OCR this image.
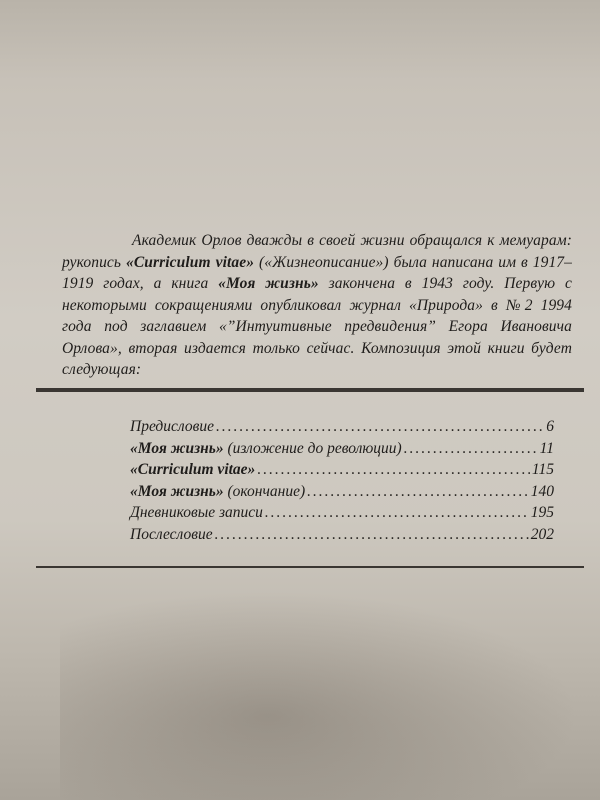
Академик Орлов дважды в своей жизни обращался к мемуарам: рукопись «Curriculum vitae» («Жизнеописание») была написана им в 1917–1919 годах, а книга «Моя жизнь» закончена в 1943 году. Первую с некоторыми сокращениями опубликовал журнал «Природа» в №2 1994 года под заглавием «”Интуитивные предвидения” Егора Ивановича Орлова», вторая издается только сейчас. Композиция этой книги будет следующая:

Предисловие .....	6
«Моя жизнь» (изложение до революции) .....	11
«Curriculum vitae» .....	115
«Моя жизнь» (окончание) .....	140
Дневниковые записи .....	195
Послесловие .....	202
